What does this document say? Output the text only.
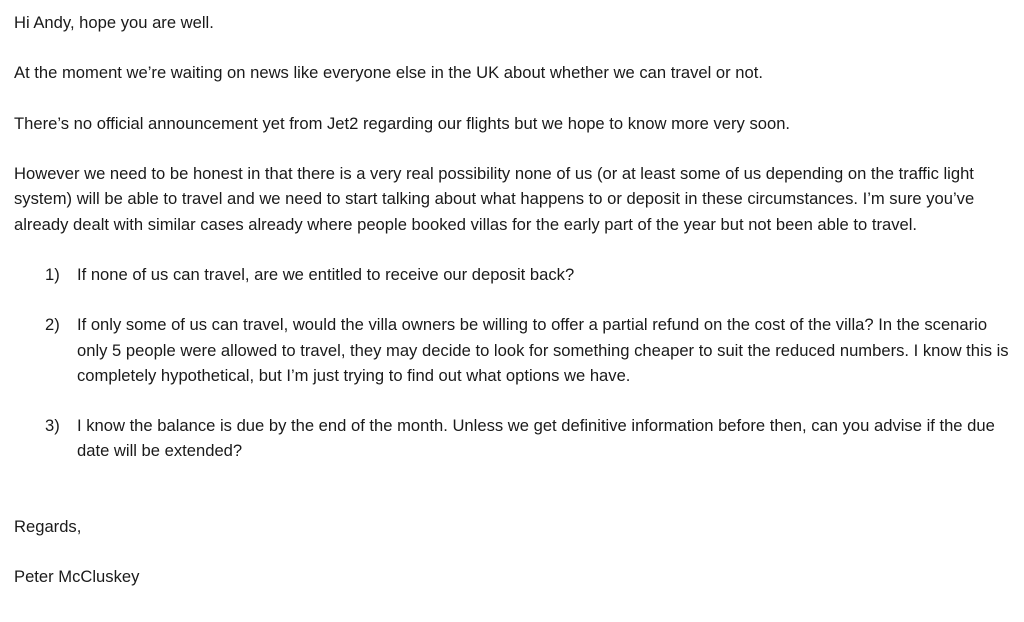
Hi Andy, hope you are well.

At the moment we’re waiting on news like everyone else in the UK about whether we can travel or not.

There’s no official announcement yet from Jet2 regarding our flights but we hope to know more very soon.

However we need to be honest in that there is a very real possibility none of us (or at least some of us depending on the traffic light system) will be able to travel and we need to start talking about what happens to or deposit in these circumstances. I’m sure you’ve already dealt with similar cases already where people booked villas for the early part of the year but not been able to travel.

1)	If none of us can travel, are we entitled to receive our deposit back?
2)	If only some of us can travel, would the villa owners be willing to offer a partial refund on the cost of the villa? In the scenario only 5 people were allowed to travel, they may decide to look for something cheaper to suit the reduced numbers. I know this is completely hypothetical, but I’m just trying to find out what options we have.
3)	I know the balance is due by the end of the month. Unless we get definitive information before then, can you advise if the due date will be extended?

Regards,

Peter McCluskey
